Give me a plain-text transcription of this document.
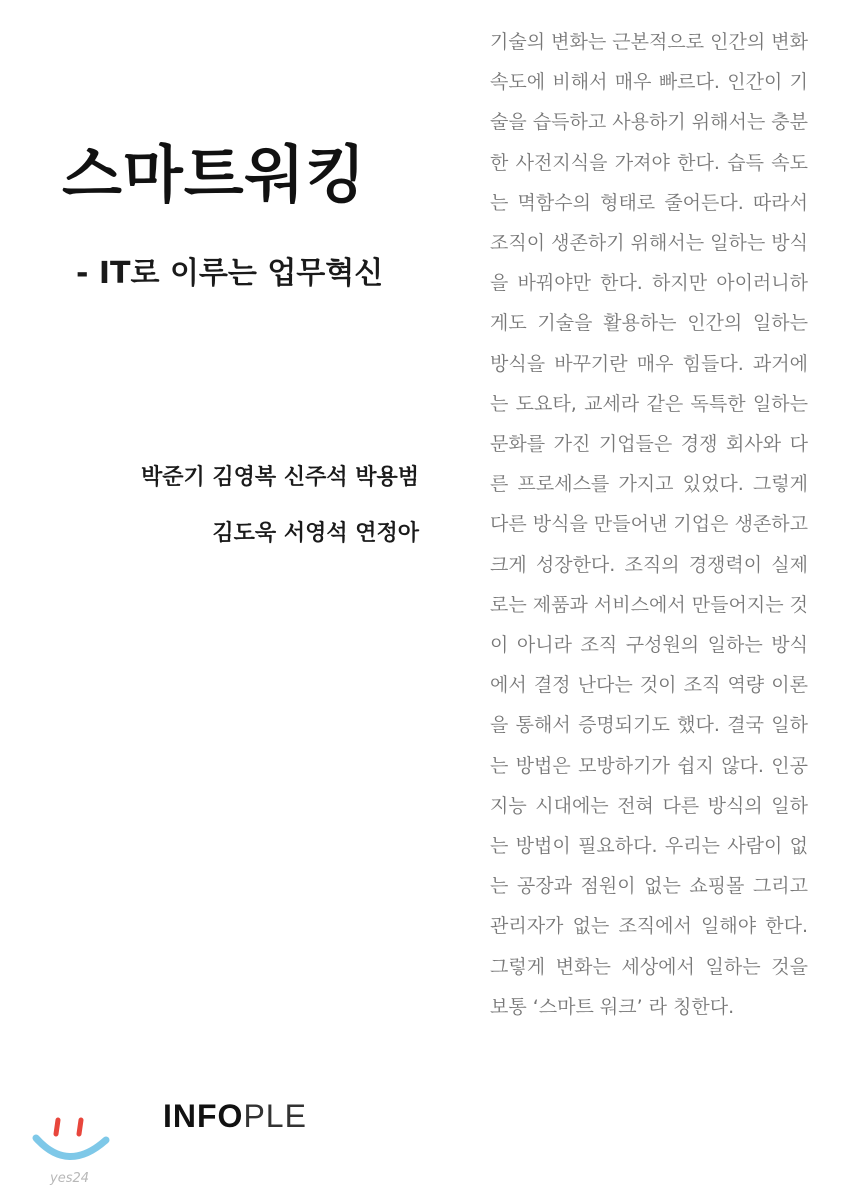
스마트워킹
- IT로 이루는 업무혁신
박준기 김영복 신주석 박용범
김도욱 서영석 연정아

기술의 변화는 근본적으로 인간의 변화 속도에 비해서 매우 빠르다. 인간이 기술을 습득하고 사용하기 위해서는 충분한 사전지식을 가져야 한다. 습득 속도는 멱함수의 형태로 줄어든다. 따라서 조직이 생존하기 위해서는 일하는 방식을 바꿔야만 한다. 하지만 아이러니하게도 기술을 활용하는 인간의 일하는 방식을 바꾸기란 매우 힘들다. 과거에는 도요타, 교세라 같은 독특한 일하는 문화를 가진 기업들은 경쟁 회사와 다른 프로세스를 가지고 있었다. 그렇게 다른 방식을 만들어낸 기업은 생존하고 크게 성장한다. 조직의 경쟁력이 실제로는 제품과 서비스에서 만들어지는 것이 아니라 조직 구성원의 일하는 방식에서 결정 난다는 것이 조직 역량 이론을 통해서 증명되기도 했다. 결국 일하는 방법은 모방하기가 쉽지 않다. 인공지능 시대에는 전혀 다른 방식의 일하는 방법이 필요하다. 우리는 사람이 없는 공장과 점원이 없는 쇼핑몰 그리고 관리자가 없는 조직에서 일해야 한다. 그렇게 변화는 세상에서 일하는 것을 보통 ‘스마트 워크’ 라 칭한다.

INFOPLE
yes24
